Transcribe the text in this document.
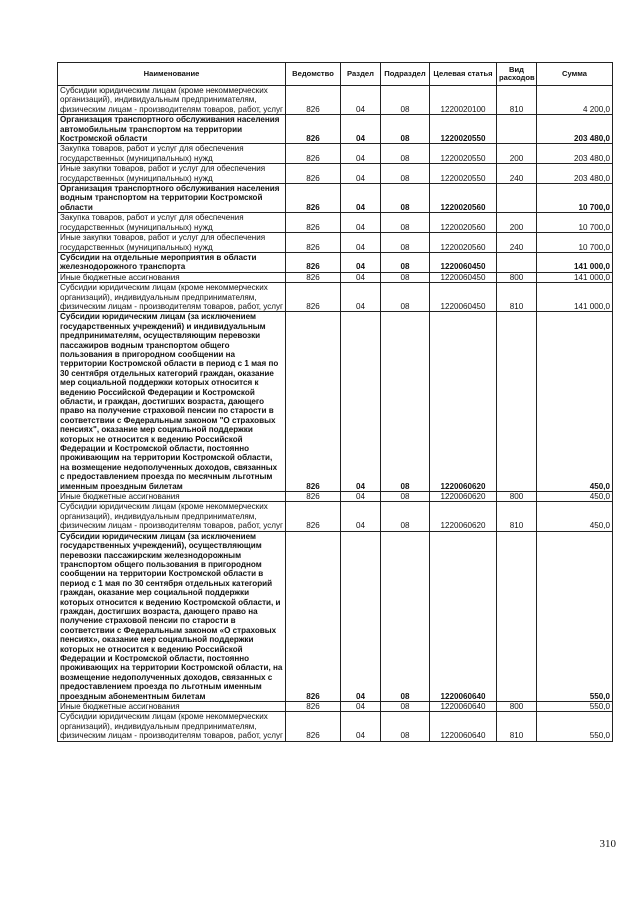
Наименование	Ведомство	Раздел	Подраздел	Целевая статья	Вид расходов	Сумма
Субсидии юридическим лицам (кроме некоммерческих организаций), индивидуальным предпринимателям, физическим лицам - производителям товаров, работ, услуг	826	04	08	1220020100	810	4 200,0
Организация транспортного обслуживания населения автомобильным транспортом на территории Костромской области	826	04	08	1220020550		203 480,0
Закупка товаров, работ и услуг для обеспечения государственных (муниципальных) нужд	826	04	08	1220020550	200	203 480,0
Иные закупки товаров, работ и услуг для обеспечения государственных (муниципальных) нужд	826	04	08	1220020550	240	203 480,0
Организация транспортного обслуживания населения водным транспортом на территории Костромской области	826	04	08	1220020560		10 700,0
Закупка товаров, работ и услуг для обеспечения государственных (муниципальных) нужд	826	04	08	1220020560	200	10 700,0
Иные закупки товаров, работ и услуг для обеспечения государственных (муниципальных) нужд	826	04	08	1220020560	240	10 700,0
Субсидии на отдельные мероприятия в области железнодорожного транспорта	826	04	08	1220060450		141 000,0
Иные бюджетные ассигнования	826	04	08	1220060450	800	141 000,0
Субсидии юридическим лицам (кроме некоммерческих организаций), индивидуальным предпринимателям, физическим лицам - производителям товаров, работ, услуг	826	04	08	1220060450	810	141 000,0
Субсидии юридическим лицам (за исключением государственных учреждений) и индивидуальным предпринимателям, осуществляющим перевозки пассажиров водным транспортом общего пользования в пригородном сообщении на территории Костромской области в период с 1 мая по 30 сентября отдельных категорий граждан, оказание мер социальной поддержки которых относится к ведению Российской Федерации и Костромской области, и граждан, достигших возраста, дающего право на получение страховой пенсии по старости в соответствии с Федеральным законом "О страховых пенсиях", оказание мер социальной поддержки которых не относится к ведению Российской Федерации и Костромской области, постоянно проживающим на территории Костромской области, на возмещение недополученных доходов, связанных с предоставлением проезда по месячным льготным именным проездным билетам	826	04	08	1220060620		450,0
Иные бюджетные ассигнования	826	04	08	1220060620	800	450,0
Субсидии юридическим лицам (кроме некоммерческих организаций), индивидуальным предпринимателям, физическим лицам - производителям товаров, работ, услуг	826	04	08	1220060620	810	450,0
Субсидии юридическим лицам (за исключением государственных учреждений), осуществляющим перевозки пассажирским железнодорожным транспортом общего пользования в пригородном сообщении на территории Костромской области в период с 1 мая по 30 сентября отдельных категорий граждан, оказание мер социальной поддержки которых относится к ведению Костромской области, и граждан, достигших возраста, дающего право на получение страховой пенсии по старости в соответствии с Федеральным законом «О страховых пенсиях», оказание мер социальной поддержки которых не относится к ведению Российской Федерации и Костромской области, постоянно проживающих на территории Костромской области, на возмещение недополученных доходов, связанных с предоставлением проезда по льготным именным проездным абонементным билетам	826	04	08	1220060640		550,0
Иные бюджетные ассигнования	826	04	08	1220060640	800	550,0
Субсидии юридическим лицам (кроме некоммерческих организаций), индивидуальным предпринимателям, физическим лицам - производителям товаров, работ, услуг	826	04	08	1220060640	810	550,0
310
